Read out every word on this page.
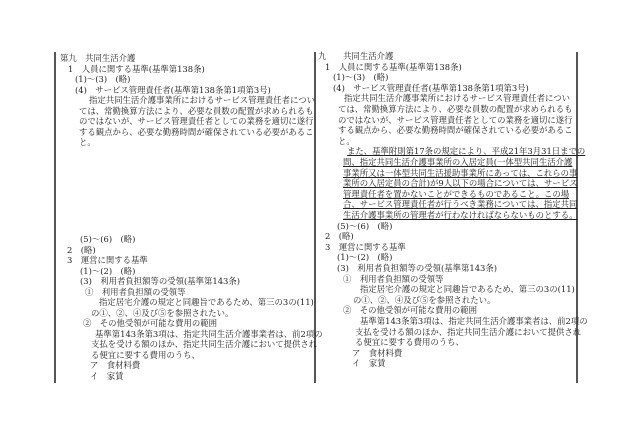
第九　共同生活介護
1　人員に関する基準(基準第138条)
(1)～(3)　(略)
(4)　サービス管理責任者(基準第138条第1項第3号)
指定共同生活介護事業所におけるサービス管理責任者につい
ては、常勤換算方法により、必要な員数の配置が求められるも
のではないが、サービス管理責任者としての業務を適切に遂行
する観点から、必要な勤務時間が確保されている必要があるこ
と。
(5)～(6)　(略)
2　(略)
3　運営に関する基準
(1)～(2)　(略)
(3)　利用者負担額等の受領(基準第143条)
①　利用者負担額の受領等
指定居宅介護の規定と同趣旨であるため、第三の3の(11)
の①、②、④及び⑤を参照されたい。
②　その他受領が可能な費用の範囲
基準第143条第3項は、指定共同生活介護事業者は、前2項の
支払を受ける額のほか、指定共同生活介護において提供され
る便宜に要する費用のうち、
ア　食材料費
イ　家賃
九　　共同生活介護
1　人員に関する基準(基準第138条)
(1)～(3)　(略)
(4)　サービス管理責任者(基準第138条第1項第3号)
指定共同生活介護事業所におけるサービス管理責任者につい
ては、常勤換算方法により、必要な員数の配置が求められるも
のではないが、サービス管理責任者としての業務を適切に遂行
する観点から、必要な勤務時間が確保されている必要があるこ
と。
また、基準附則第17条の規定により、平成21年3月31日までの
間、指定共同生活介護事業所の入居定員(一体型共同生活介護
事業所又は一体型共同生活援助事業所にあっては、これらの事
業所の入居定員の合計)が9人以下の場合については、サービス
管理責任者を置かないことができるものであること。この場
合、サービス管理責任者が行うべき業務については、指定共同
生活介護事業所の管理者が行わなければならないものとする。
(5)～(6)　(略)
2　(略)
3　運営に関する基準
(1)～(2)　(略)
(3)　利用者負担額等の受領(基準第143条)
①　利用者負担額の受領等
指定居宅介護の規定と同趣旨であるため、第三の3の(11)
の①、②、④及び⑤を参照されたい。
②　その他受領が可能な費用の範囲
基準第143条第3項は、指定共同生活介護事業者は、前2項の
支払を受ける額のほか、指定共同生活介護において提供され
る便宜に要する費用のうち、
ア　食材料費
イ　家賃
